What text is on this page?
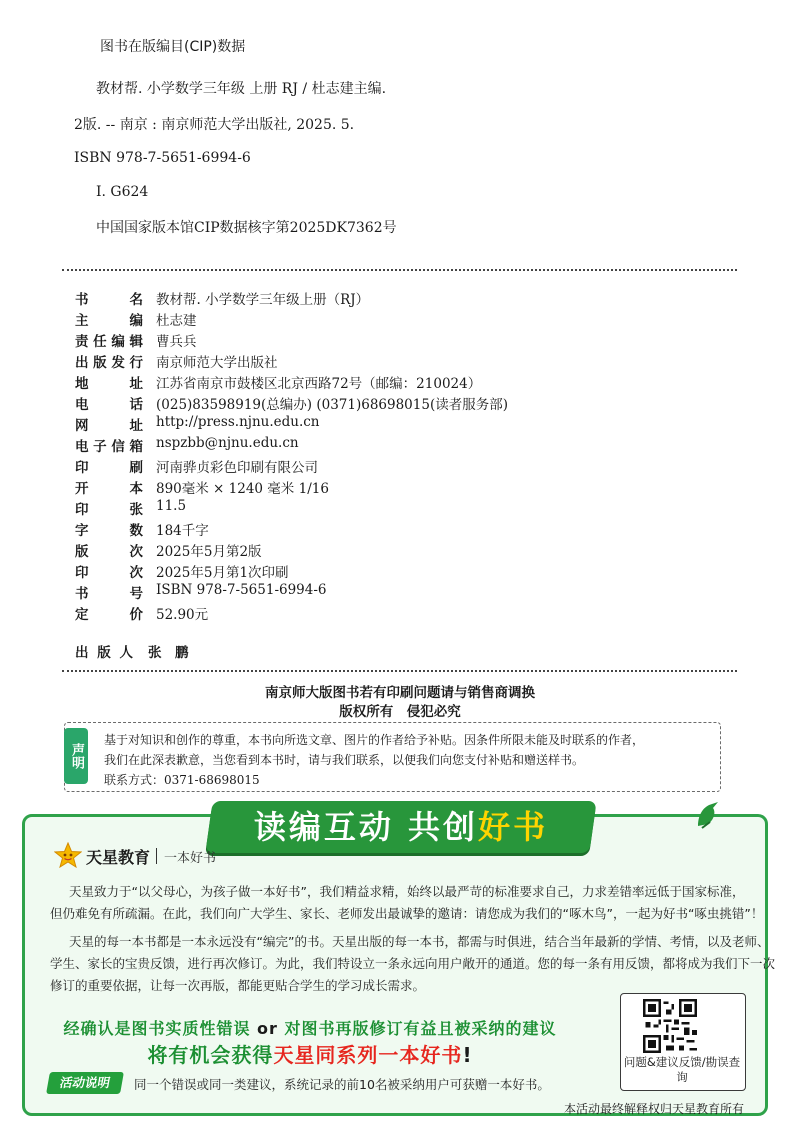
图书在版编目(CIP)数据
教材帮. 小学数学三年级 上册 RJ / 杜志建主编.
2版. -- 南京 : 南京师范大学出版社, 2025. 5.
ISBN 978-7-5651-6994-6
Ⅰ. G624
中国国家版本馆CIP数据核字第2025DK7362号
书名 教材帮. 小学数学三年级上册（RJ）
主编 杜志建
责任编辑 曹兵兵
出版发行 南京师范大学出版社
地址 江苏省南京市鼓楼区北京西路72号（邮编：210024）
电话 (025)83598919(总编办) (0371)68698015(读者服务部)
网址 http://press.njnu.edu.cn
电子信箱 nspzbb@njnu.edu.cn
印刷 河南骅贞彩色印刷有限公司
开本 890毫米 × 1240 毫米 1/16
印张 11.5
字数 184千字
版次 2025年5月第2版
印次 2025年5月第1次印刷
书号 ISBN 978-7-5651-6994-6
定价 52.90元
出版人 张　鹏
南京师大版图书若有印刷问题请与销售商调换
版权所有　侵犯必究
声明
基于对知识和创作的尊重，本书向所选文章、图片的作者给予补贴。因条件所限未能及时联系的作者，
我们在此深表歉意，当您看到本书时，请与我们联系，以便我们向您支付补贴和赠送样书。
联系方式：0371-68698015
读编互动 共创好书
天星教育 一本好书
天星致力于“以父母心，为孩子做一本好书”，我们精益求精，始终以最严苛的标准要求自己，力求差错率远低于国家标准，
但仍难免有所疏漏。在此，我们向广大学生、家长、老师发出最诚挚的邀请：请您成为我们的“啄木鸟”，一起为好书“啄虫挑错”！
天星的每一本书都是一本永远没有“编完”的书。天星出版的每一本书，都需与时俱进，结合当年最新的学情、考情，以及老师、
学生、家长的宝贵反馈，进行再次修订。为此，我们特设立一条永远向用户敞开的通道。您的每一条有用反馈，都将成为我们下一次
修订的重要依据，让每一次再版，都能更贴合学生的学习成长需求。
问题&建议反馈/勘误查询
经确认是图书实质性错误 or 对图书再版修订有益且被采纳的建议
将有机会获得天星同系列一本好书!
活动说明	同一个错误或同一类建议，系统记录的前10名被采纳用户可获赠一本好书。
本活动最终解释权归天星教育所有
